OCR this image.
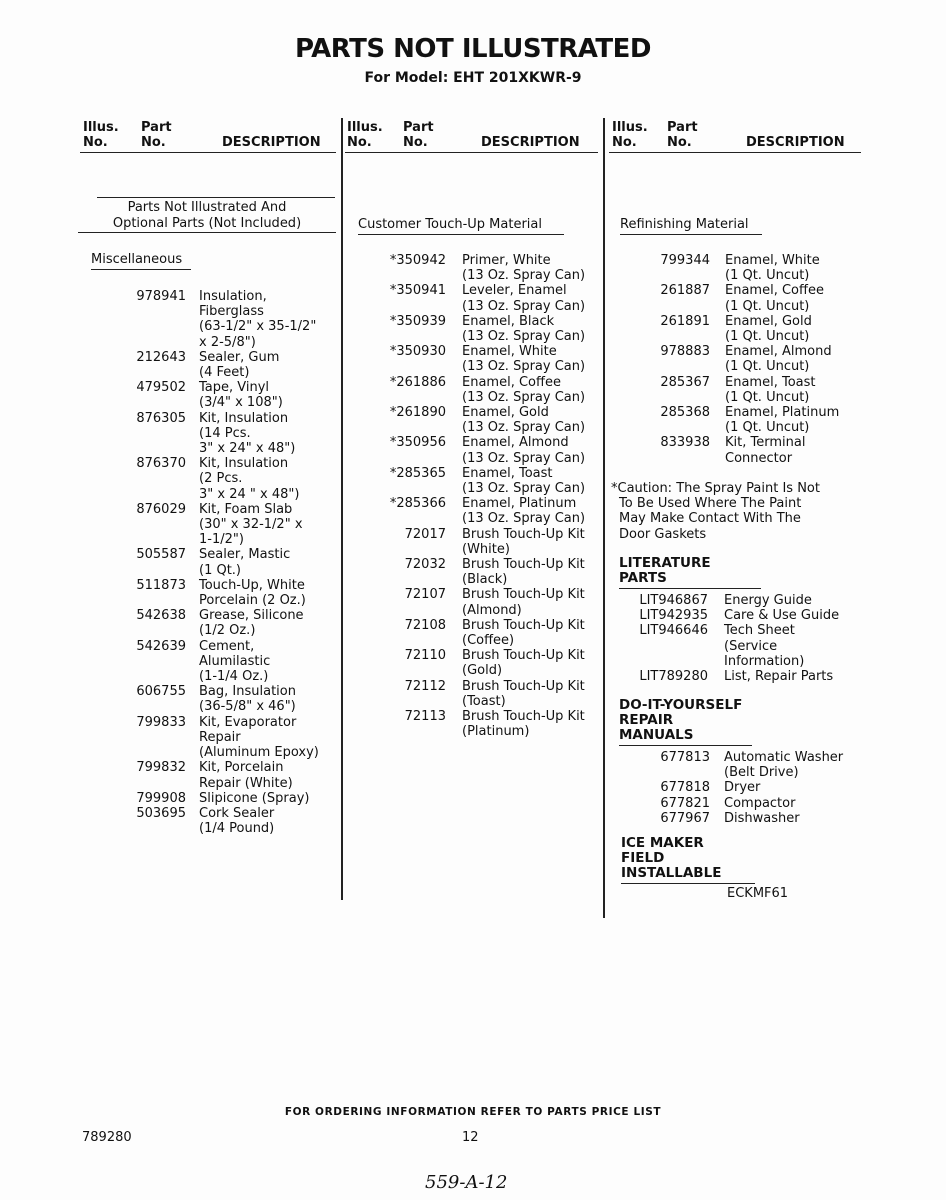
PARTS NOT ILLUSTRATED
For Model: EHT 201XKWR-9
Illus.
No.
Part
No.	DESCRIPTION
Illus.
No.
Part
No.	DESCRIPTION
Illus.
No.
Part
No.	DESCRIPTION
Parts Not Illustrated And
Optional Parts (Not Included)
Miscellaneous
978941 Insulation,
Fiberglass
(63-1/2" x 35-1/2"
x 2-5/8")
212643 Sealer, Gum
(4 Feet)
479502 Tape, Vinyl
(3/4" x 108")
876305 Kit, Insulation
(14 Pcs.
3" x 24" x 48")
876370 Kit, Insulation
(2 Pcs.
3" x 24 " x 48")
876029 Kit, Foam Slab
(30" x 32-1/2" x
1-1/2")
505587 Sealer, Mastic
(1 Qt.)
511873 Touch-Up, White
Porcelain (2 Oz.)
542638 Grease, Silicone
(1/2 Oz.)
542639 Cement,
Alumilastic
(1-1/4 Oz.)
606755 Bag, Insulation
(36-5/8" x 46")
799833 Kit, Evaporator
Repair
(Aluminum Epoxy)
799832 Kit, Porcelain
Repair (White)
799908 Slipicone (Spray)
503695 Cork Sealer
(1/4 Pound)
Customer Touch-Up Material
*350942 Primer, White
(13 Oz. Spray Can)
*350941 Leveler, Enamel
(13 Oz. Spray Can)
*350939 Enamel, Black
(13 Oz. Spray Can)
*350930 Enamel, White
(13 Oz. Spray Can)
*261886 Enamel, Coffee
(13 Oz. Spray Can)
*261890 Enamel, Gold
(13 Oz. Spray Can)
*350956 Enamel, Almond
(13 Oz. Spray Can)
*285365 Enamel, Toast
(13 Oz. Spray Can)
*285366 Enamel, Platinum
(13 Oz. Spray Can)
72017 Brush Touch-Up Kit
(White)
72032 Brush Touch-Up Kit
(Black)
72107 Brush Touch-Up Kit
(Almond)
72108 Brush Touch-Up Kit
(Coffee)
72110 Brush Touch-Up Kit
(Gold)
72112 Brush Touch-Up Kit
(Toast)
72113 Brush Touch-Up Kit
(Platinum)
Refinishing Material
799344 Enamel, White
(1 Qt. Uncut)
261887 Enamel, Coffee
(1 Qt. Uncut)
261891 Enamel, Gold
(1 Qt. Uncut)
978883 Enamel, Almond
(1 Qt. Uncut)
285367 Enamel, Toast
(1 Qt. Uncut)
285368 Enamel, Platinum
(1 Qt. Uncut)
833938 Kit, Terminal
Connector
*Caution: The Spray Paint Is Not
To Be Used Where The Paint
May Make Contact With The
Door Gaskets
LITERATURE PARTS
LIT946867 Energy Guide
LIT942935 Care & Use Guide
LIT946646 Tech Sheet
(Service
Information)
LIT789280 List, Repair Parts
DO-IT-YOURSELF
REPAIR MANUALS
677813 Automatic Washer
(Belt Drive)
677818 Dryer
677821 Compactor
677967 Dishwasher
ICE MAKER
FIELD INSTALLABLE
ECKMF61
FOR ORDERING INFORMATION REFER TO PARTS PRICE LIST
789280	12
559-A-12
